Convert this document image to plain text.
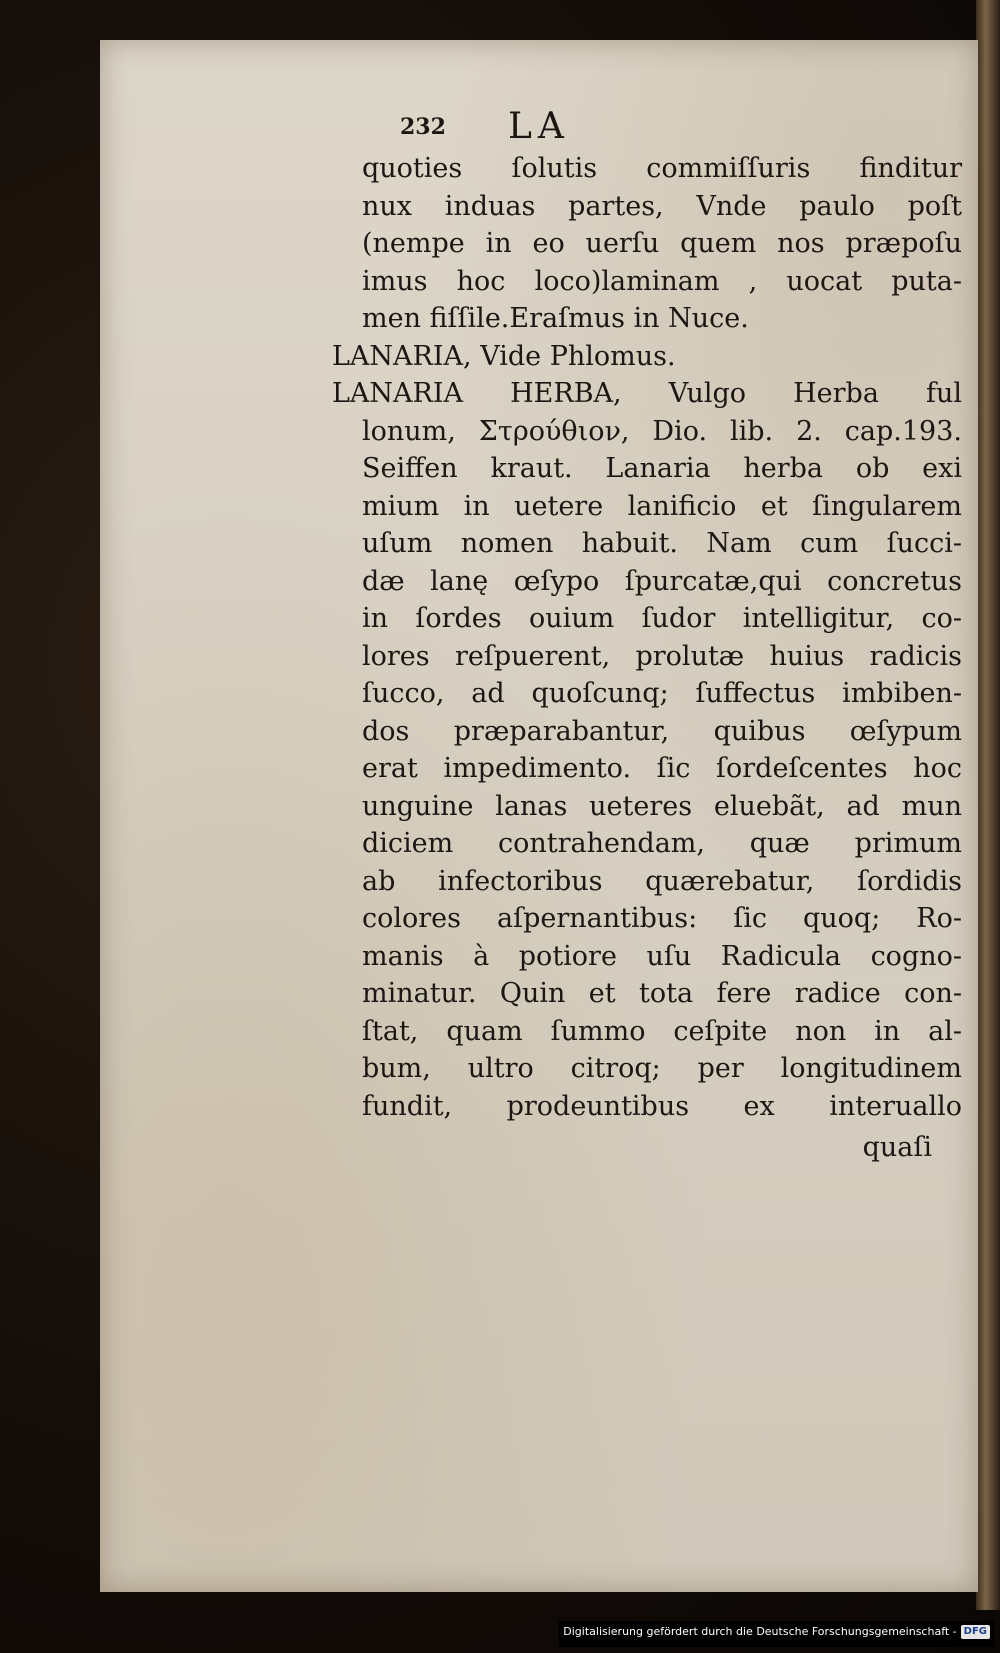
232 LA
quoties ſolutis commiſſuris finditur
nux induas partes, Vnde paulo poſt
(nempe in eo uerſu quem nos præpoſu
imus hoc loco)laminam , uocat puta-
men fiſſile.Eraſmus in Nuce.
LANARIA, Vide Phlomus.
LANARIA HERBA, Vulgo Herba ful
lonum, Στρούθιον, Dio. lib. 2. cap.193.
Seiffen kraut. Lanaria herba ob exi
mium in uetere lanificio et ſingularem
uſum nomen habuit. Nam cum ſucci-
dæ lanę œſypo ſpurcatæ,qui concretus
in ſordes ouium ſudor intelligitur, co-
lores reſpuerent, prolutæ huius radicis
ſucco, ad quoſcunq; ſuffectus imbiben-
dos præparabantur, quibus œſypum
erat impedimento. ſic ſordeſcentes hoc
unguine lanas ueteres eluebãt, ad mun
diciem contrahendam, quæ primum
ab infectoribus quærebatur, ſordidis
colores aſpernantibus: ſic quoq; Ro-
manis à potiore uſu Radicula cogno-
minatur. Quin et tota fere radice con-
ſtat, quam ſummo ceſpite non in al-
bum, ultro citroq; per longitudinem
fundit, prodeuntibus ex interuallo
quaſi
Digitalisierung gefördert durch die Deutsche Forschungsgemeinschaft - DFG
